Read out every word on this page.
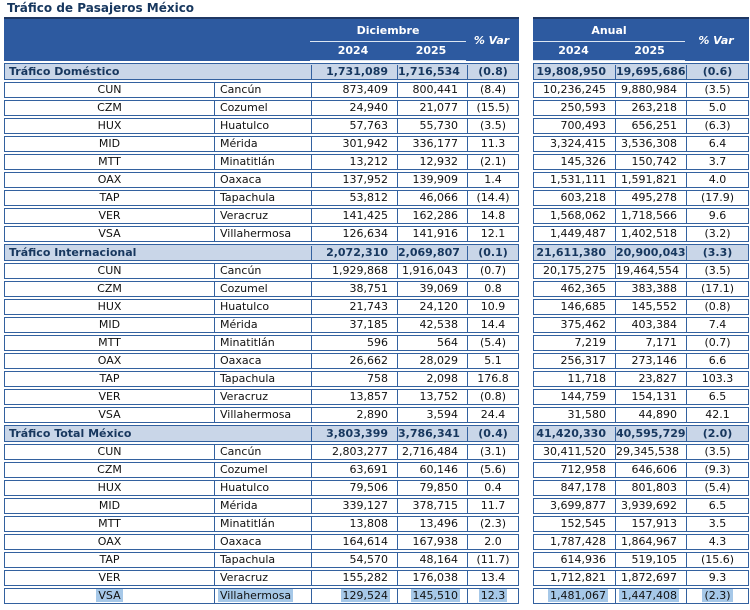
Tráfico de Pasajeros México
Diciembre
2024	2025
% Var
Anual
2024	2025
% Var
Tráfico Doméstico	1,731,089 1,716,534	(0.8)	19,808,950 19,695,686	(0.6)
CUN	Cancún	873,409	800,441	(8.4)	10,236,245	9,880,984	(3.5)
CZM	Cozumel	24,940	21,077	(15.5)	250,593	263,218	5.0
HUX	Huatulco	57,763	55,730	(3.5)	700,493	656,251	(6.3)
MID	Mérida	301,942	336,177	11.3	3,324,415	3,536,308	6.4
MTT	Minatitlán	13,212	12,932	(2.1)	145,326	150,742	3.7
OAX	Oaxaca	137,952	139,909	1.4	1,531,111	1,591,821	4.0
TAP	Tapachula	53,812	46,066	(14.4)	603,218	495,278	(17.9)
VER	Veracruz	141,425	162,286	14.8	1,568,062	1,718,566	9.6
VSA	Villahermosa	126,634	141,916	12.1	1,449,487	1,402,518	(3.2)
Tráfico Internacional	2,072,310 2,069,807	(0.1)	21,611,380 20,900,043	(3.3)
CUN	Cancún	1,929,868	1,916,043	(0.7)	20,175,275 19,464,554	(3.5)
CZM	Cozumel	38,751	39,069	0.8	462,365	383,388	(17.1)
HUX	Huatulco	21,743	24,120	10.9	146,685	145,552	(0.8)
MID	Mérida	37,185	42,538	14.4	375,462	403,384	7.4
MTT	Minatitlán	596	564	(5.4)	7,219	7,171	(0.7)
OAX	Oaxaca	26,662	28,029	5.1	256,317	273,146	6.6
TAP	Tapachula	758	2,098	176.8	11,718	23,827	103.3
VER	Veracruz	13,857	13,752	(0.8)	144,759	154,131	6.5
VSA	Villahermosa	2,890	3,594	24.4	31,580	44,890	42.1
Tráfico Total México	3,803,399 3,786,341	(0.4)	41,420,330 40,595,729	(2.0)
CUN	Cancún	2,803,277	2,716,484	(3.1)	30,411,520 29,345,538	(3.5)
CZM	Cozumel	63,691	60,146	(5.6)	712,958	646,606	(9.3)
HUX	Huatulco	79,506	79,850	0.4	847,178	801,803	(5.4)
MID	Mérida	339,127	378,715	11.7	3,699,877	3,939,692	6.5
MTT	Minatitlán	13,808	13,496	(2.3)	152,545	157,913	3.5
OAX	Oaxaca	164,614	167,938	2.0	1,787,428	1,864,967	4.3
TAP	Tapachula	54,570	48,164	(11.7)	614,936	519,105	(15.6)
VER	Veracruz	155,282	176,038	13.4	1,712,821	1,872,697	9.3
VSA	Villahermosa	129,524	145,510	12.3	1,481,067	1,447,408	(2.3)
